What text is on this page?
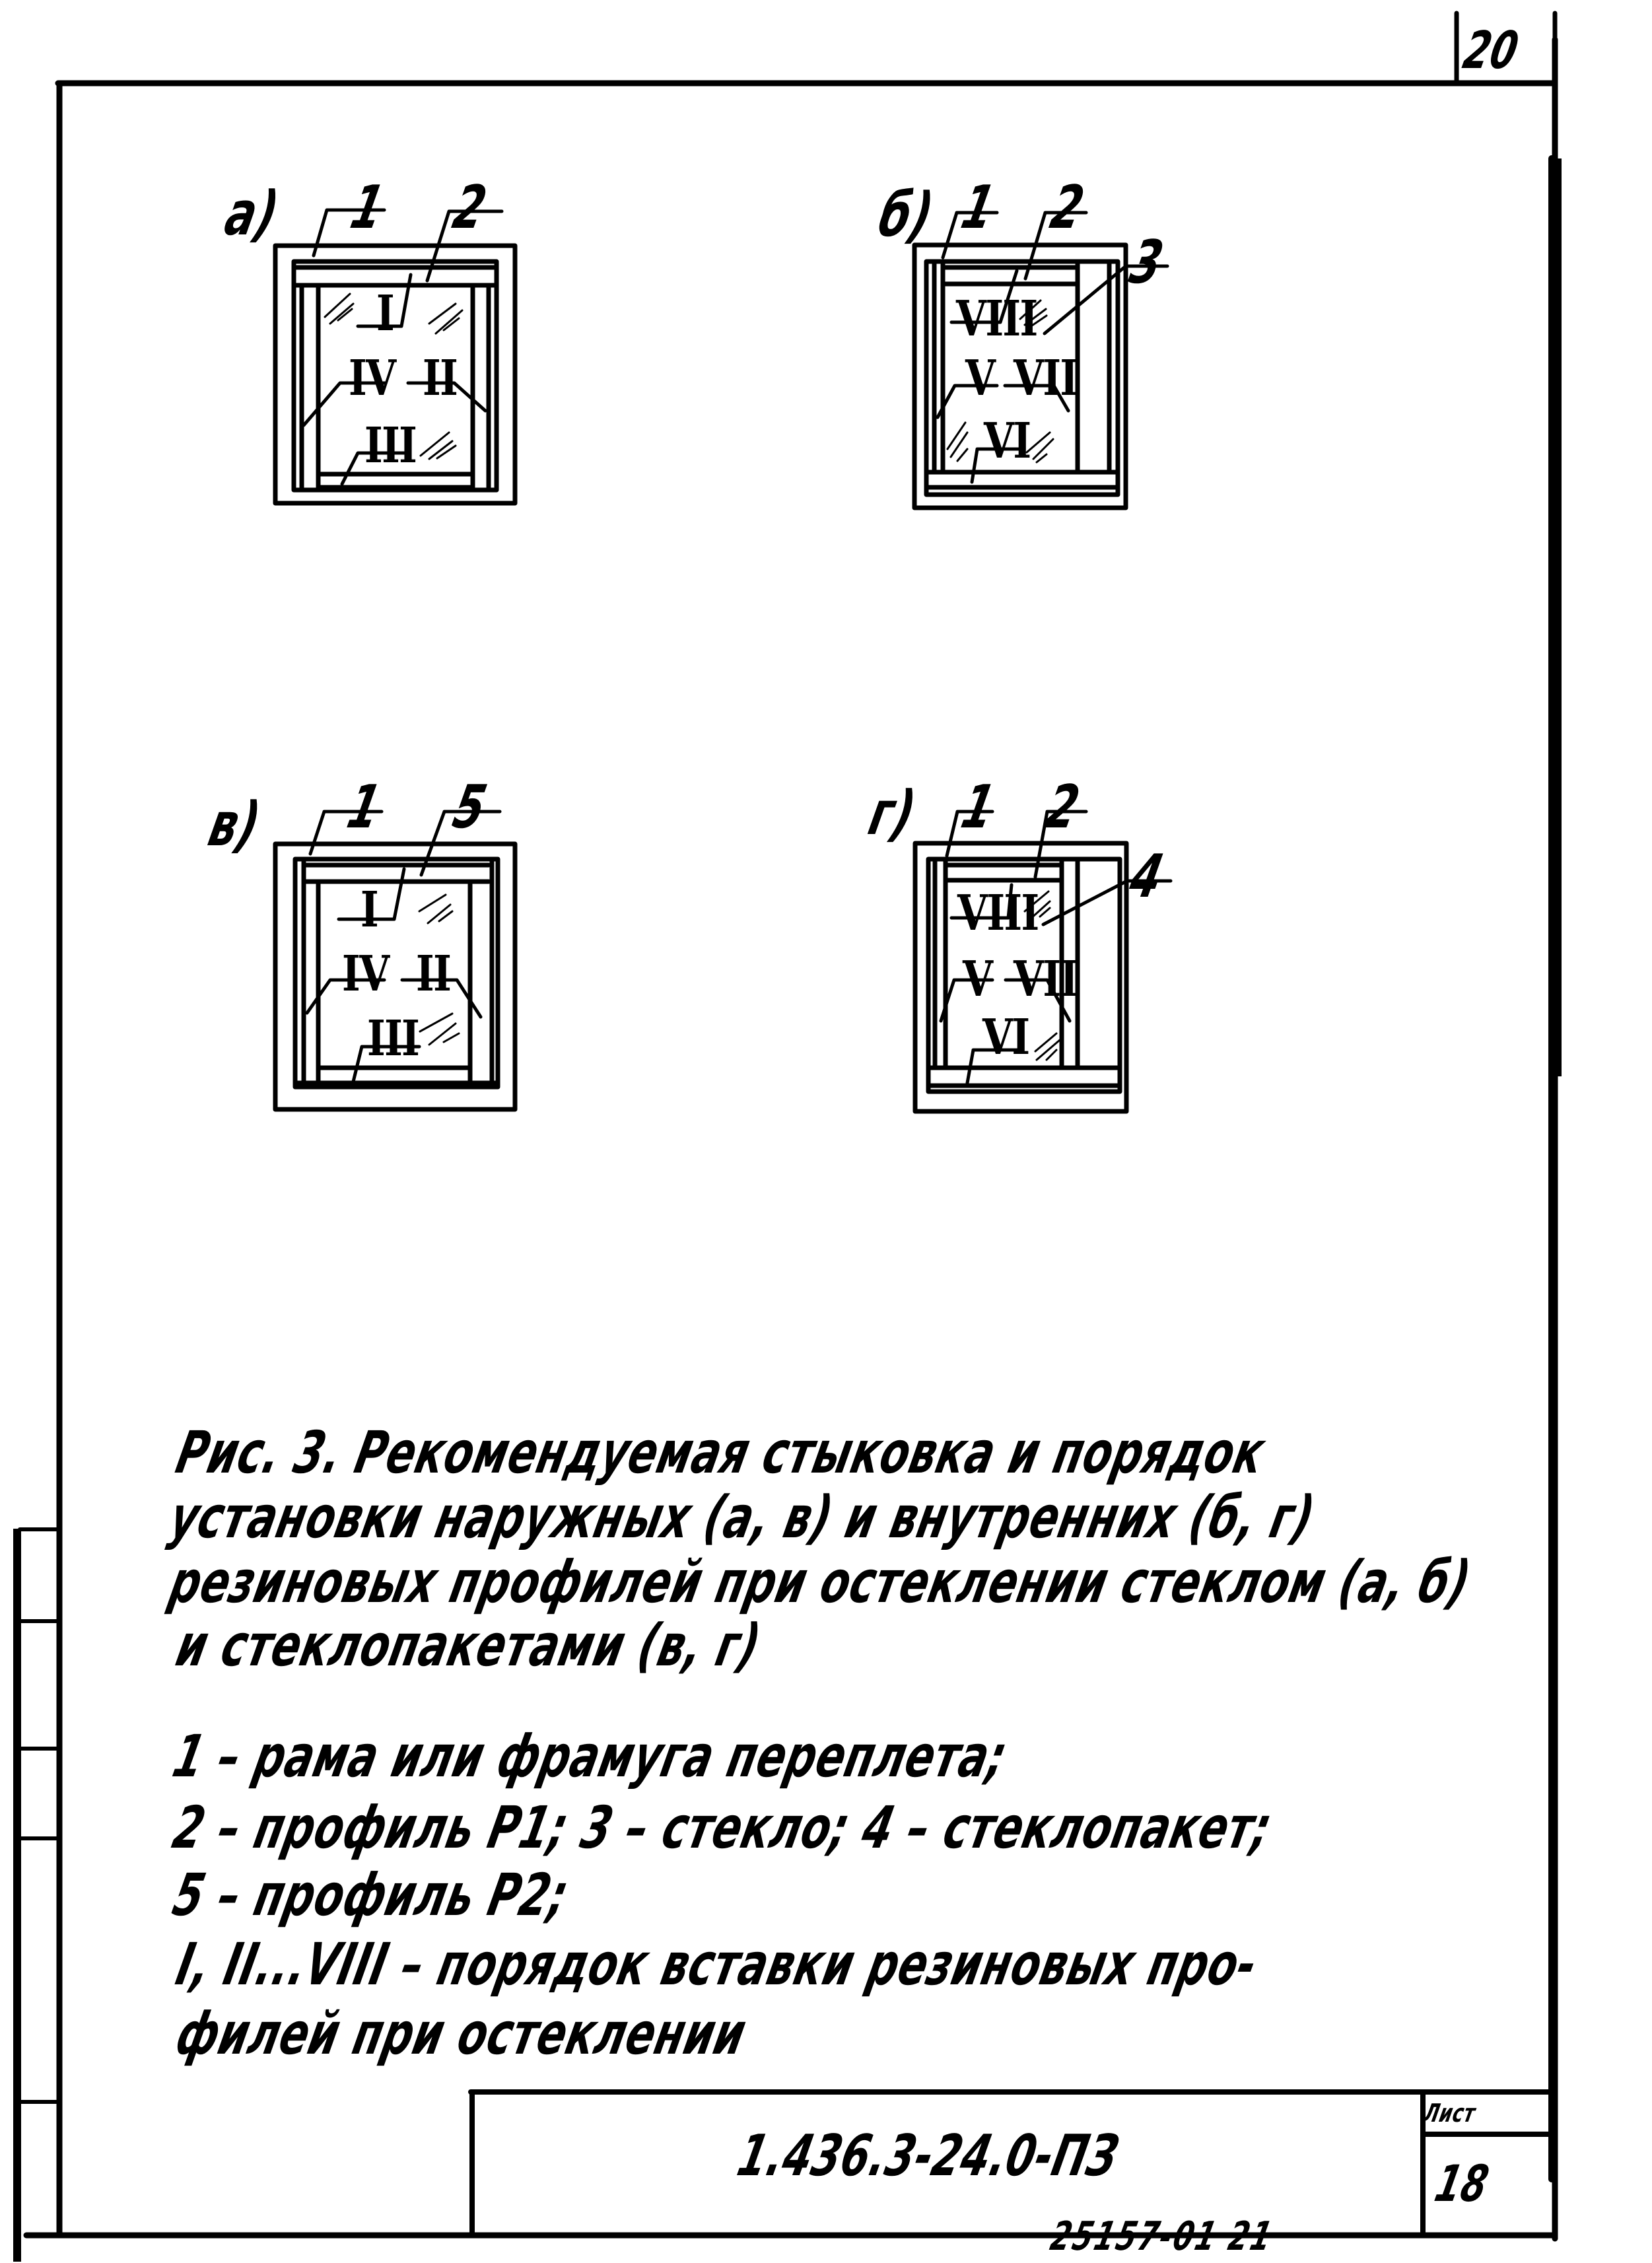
20
а) 1 2
I
IV II
III
б) 1 2
3
VIII
V VII
VI
в) 1 5
I
IV II
III
г) 1 2
4
VIII
V VII
VI
Рис. 3. Рекомендуемая стыковка и порядок
установки наружных (а, в) и внутренних (б, г)
резиновых профилей при остеклении стеклом (а, б)
и стеклопакетами (в, г)
1 – рама или фрамуга переплета;
2 – профиль Р1; 3 – стекло; 4 – стеклопакет;
5 – профиль Р2;
I, II...VIII – порядок вставки резиновых про-
филей при остеклении
1.436.3-24.0-ПЗ
Лист
18
25157-01 21
